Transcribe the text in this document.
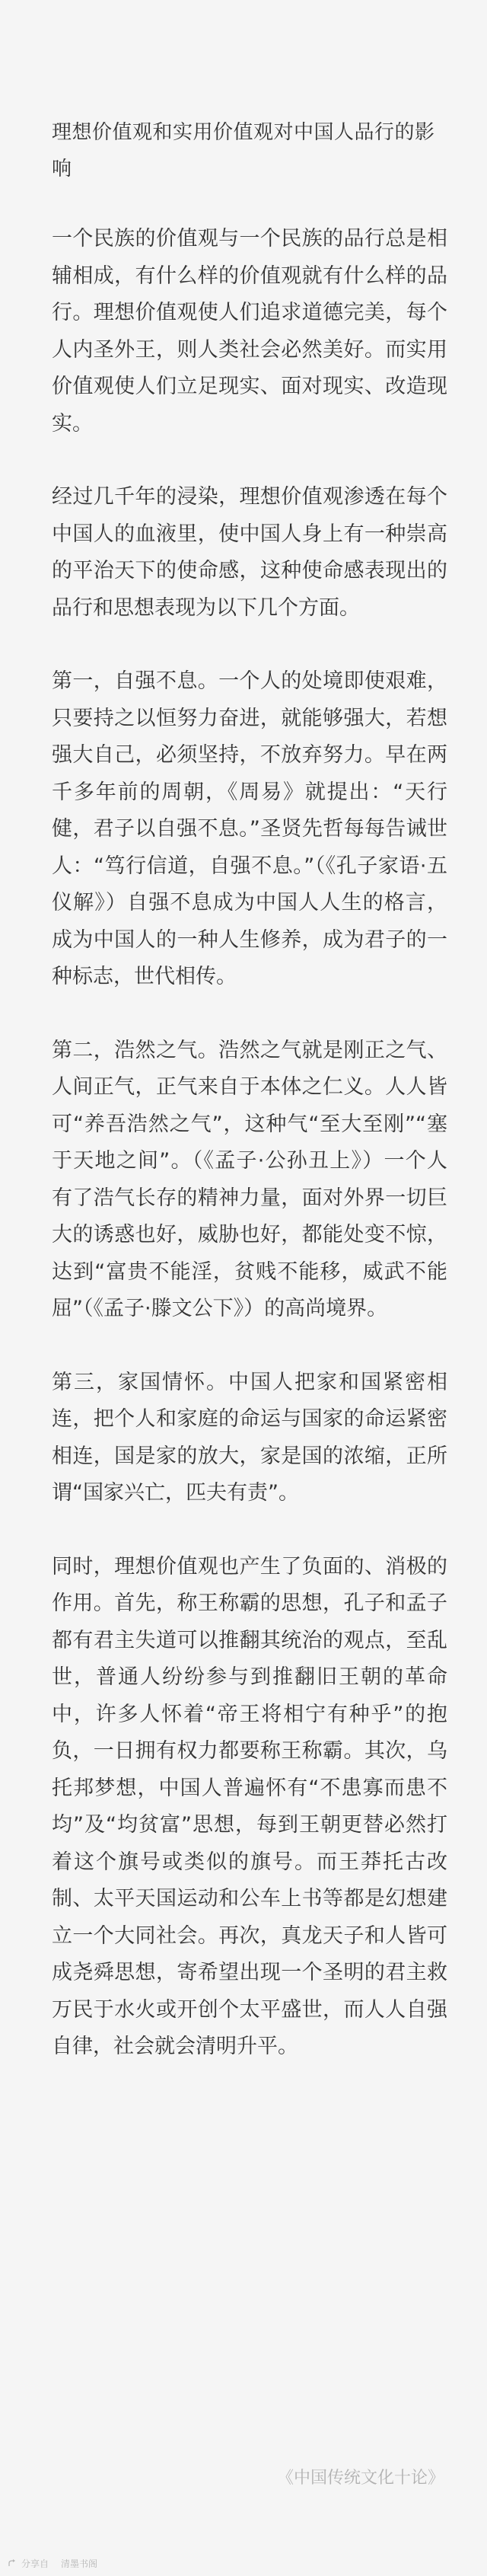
理想价值观和实用价值观对中国人品行的影响

一个民族的价值观与一个民族的品行总是相辅相成，有什么样的价值观就有什么样的品行。理想价值观使人们追求道德完美，每个人内圣外王，则人类社会必然美好。而实用价值观使人们立足现实、面对现实、改造现实。

经过几千年的浸染，理想价值观渗透在每个中国人的血液里，使中国人身上有一种崇高的平治天下的使命感，这种使命感表现出的品行和思想表现为以下几个方面。

第一，自强不息。一个人的处境即使艰难，只要持之以恒努力奋进，就能够强大，若想强大自己，必须坚持，不放弃努力。早在两千多年前的周朝，《周易》就提出：“天行健，君子以自强不息。”圣贤先哲每每告诫世人：“笃行信道，自强不息。”（《孔子家语·五仪解》）自强不息成为中国人人生的格言，成为中国人的一种人生修养，成为君子的一种标志，世代相传。

第二，浩然之气。浩然之气就是刚正之气、人间正气，正气来自于本体之仁义。人人皆可“养吾浩然之气”，这种气“至大至刚”“塞于天地之间”。（《孟子·公孙丑上》）一个人有了浩气长存的精神力量，面对外界一切巨大的诱惑也好，威胁也好，都能处变不惊，达到“富贵不能淫，贫贱不能移，威武不能屈”（《孟子·滕文公下》）的高尚境界。

第三，家国情怀。中国人把家和国紧密相连，把个人和家庭的命运与国家的命运紧密相连，国是家的放大，家是国的浓缩，正所谓“国家兴亡，匹夫有责”。

同时，理想价值观也产生了负面的、消极的作用。首先，称王称霸的思想，孔子和孟子都有君主失道可以推翻其统治的观点，至乱世，普通人纷纷参与到推翻旧王朝的革命中，许多人怀着“帝王将相宁有种乎”的抱负，一日拥有权力都要称王称霸。其次，乌托邦梦想，中国人普遍怀有“不患寡而患不均”及“均贫富”思想，每到王朝更替必然打着这个旗号或类似的旗号。而王莽托古改制、太平天国运动和公车上书等都是幻想建立一个大同社会。再次，真龙天子和人皆可成尧舜思想，寄希望出现一个圣明的君主救万民于水火或开创个太平盛世，而人人自强自律，社会就会清明升平。

《中国传统文化十论》
分享自 清墨书阁
